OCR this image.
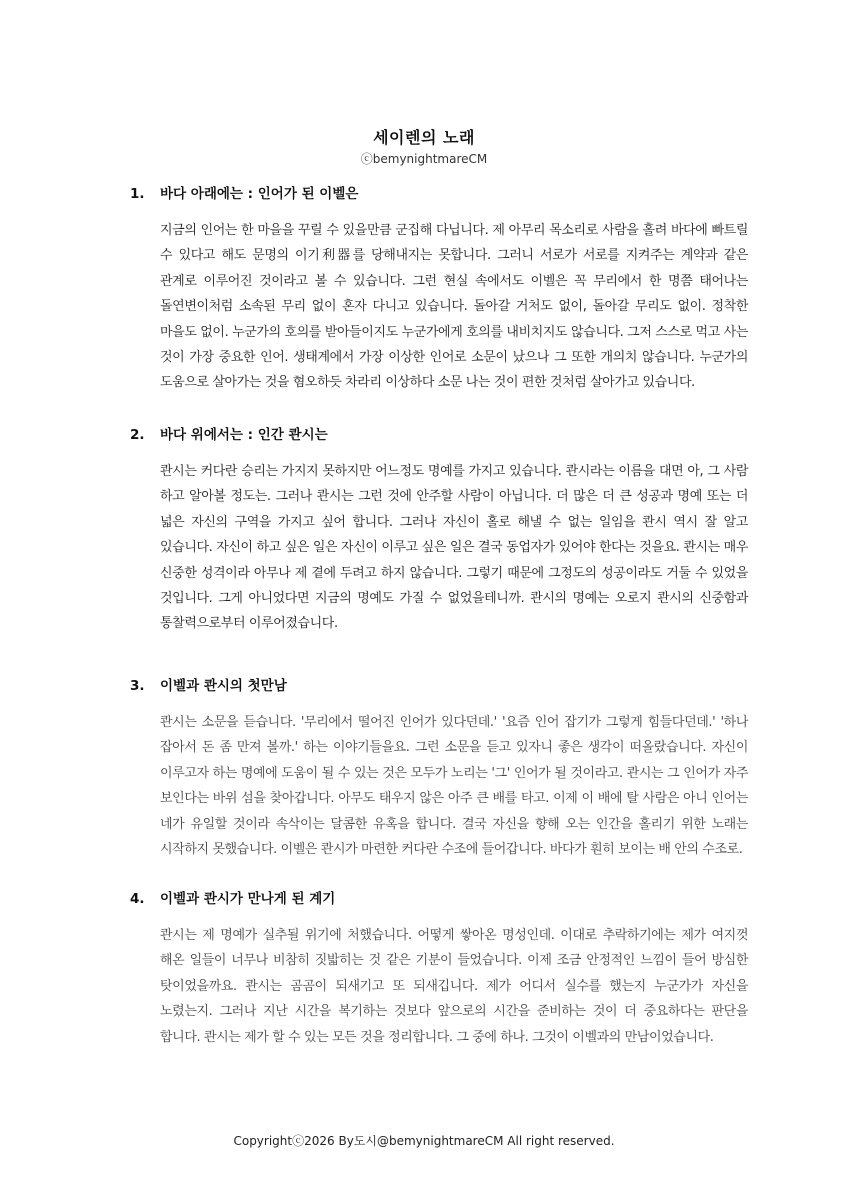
세이렌의 노래
ⓒbemynightmareCM
1. 바다 아래에는 : 인어가 된 이벨은
지금의 인어는 한 마을을 꾸릴 수 있을만큼 군집해 다닙니다. 제 아무리 목소리로 사람을 홀려 바다에 빠트릴 수 있다고 해도 문명의 이기利器를 당해내지는 못합니다. 그러니 서로가 서로를 지켜주는 계약과 같은 관계로 이루어진 것이라고 볼 수 있습니다. 그런 현실 속에서도 이벨은 꼭 무리에서 한 명쯤 태어나는 돌연변이처럼 소속된 무리 없이 혼자 다니고 있습니다. 돌아갈 거처도 없이, 돌아갈 무리도 없이. 정착한 마을도 없이. 누군가의 호의를 받아들이지도 누군가에게 호의를 내비치지도 않습니다. 그저 스스로 먹고 사는 것이 가장 중요한 인어. 생태계에서 가장 이상한 인어로 소문이 났으나 그 또한 개의치 않습니다. 누군가의 도움으로 살아가는 것을 혐오하듯 차라리 이상하다 소문 나는 것이 편한 것처럼 살아가고 있습니다.
2. 바다 위에서는 : 인간 콴시는
콴시는 커다란 승리는 가지지 못하지만 어느정도 명예를 가지고 있습니다. 콴시라는 이름을 대면 아, 그 사람 하고 알아볼 정도는. 그러나 콴시는 그런 것에 안주할 사람이 아닙니다. 더 많은 더 큰 성공과 명예 또는 더 넓은 자신의 구역을 가지고 싶어 합니다. 그러나 자신이 홀로 해낼 수 없는 일임을 콴시 역시 잘 알고 있습니다. 자신이 하고 싶은 일은 자신이 이루고 싶은 일은 결국 동업자가 있어야 한다는 것을요. 콴시는 매우 신중한 성격이라 아무나 제 곁에 두려고 하지 않습니다. 그렇기 때문에 그정도의 성공이라도 거둘 수 있었을 것입니다. 그게 아니었다면 지금의 명예도 가질 수 없었을테니까. 콴시의 명예는 오로지 콴시의 신중함과 통찰력으로부터 이루어졌습니다.
3. 이벨과 콴시의 첫만남
콴시는 소문을 듣습니다. '무리에서 떨어진 인어가 있다던데.' '요즘 인어 잡기가 그렇게 힘들다던데.' '하나 잡아서 돈 좀 만져 볼까.' 하는 이야기들을요. 그런 소문을 듣고 있자니 좋은 생각이 떠올랐습니다. 자신이 이루고자 하는 명예에 도움이 될 수 있는 것은 모두가 노리는 '그' 인어가 될 것이라고. 콴시는 그 인어가 자주 보인다는 바위 섬을 찾아갑니다. 아무도 태우지 않은 아주 큰 배를 타고. 이제 이 배에 탈 사람은 아니 인어는 네가 유일할 것이라 속삭이는 달콤한 유혹을 합니다. 결국 자신을 향해 오는 인간을 홀리기 위한 노래는 시작하지 못했습니다. 이벨은 콴시가 마련한 커다란 수조에 들어갑니다. 바다가 훤히 보이는 배 안의 수조로.
4. 이벨과 콴시가 만나게 된 계기
콴시는 제 명예가 실추될 위기에 처했습니다. 어떻게 쌓아온 명성인데. 이대로 추락하기에는 제가 여지껏 해온 일들이 너무나 비참히 짓밟히는 것 같은 기분이 들었습니다. 이제 조금 안정적인 느낌이 들어 방심한 탓이었을까요. 콴시는 곰곰이 되새기고 또 되새깁니다. 제가 어디서 실수를 했는지 누군가가 자신을 노렸는지. 그러나 지난 시간을 복기하는 것보다 앞으로의 시간을 준비하는 것이 더 중요하다는 판단을 합니다. 콴시는 제가 할 수 있는 모든 것을 정리합니다. 그 중에 하나. 그것이 이벨과의 만남이었습니다.
Copyrightⓒ2026 By도시@bemynightmareCM All right reserved.
